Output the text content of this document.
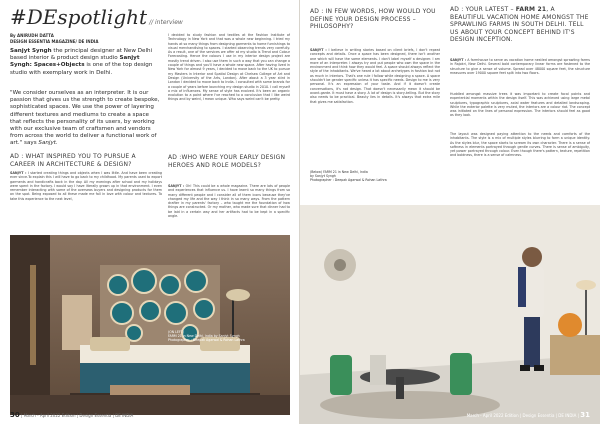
#DEspotlight // interview
By ANIRUDH DATTA
DESIGN ESSENTIA MAGAZINE/ DE INDIA
Sanjyt Syngh the principal designer at New Delhi based interior & product design studio Sanjyt Syngh: Spaces+Objects is one of the top design studio with exemplary work in Delhi.
"We consider ourselves as an interpreter. It is our passion that gives us the strength to create bespoke, sophisticated spaces. We use the power of layering different textures and mediums to create a space that reflects the personality of its users, by working with our exclusive team of craftsmen and vendors from across the world to deliver a functional work of art." says Sanjyt.
AD : WHAT INSPIRED YOU TO PURSUE A CAREER IN ARCHITECTURE & DESIGN?
SANJYT : I started creating things and objects when I was little. And have been creating ever since.To explain this I will have to go back to my childhood. My parents used to export garments and handicrafts back in the day. All my evenings after school and my holidays were spent in the factory. I would say I have literally grown up in that environment. I even remember interacting with some of the overseas buyers and designing products for them on the spot. Being exposed to all these made me fall in love with colour and textures. To take this experience to the next level,
I decided to study fashion and textiles at the Fashion Institute of Technology in New York and that was a whole new beginning. I tried my hands at so many things from designing garments to home furnishings to visual merchandising to spaces. I started observing trends very carefully. As a result, one of the services we offer at my studio is Trend and Colour Forecasting. Hence the colours I use in my interior design project are mostly trend driven. I also use them in such a way that you can change a couple of things and you'll have a whole new space. After having lived in New York for almost 9 years, I decided to move back to the UK to pursue my Masters in Interior and Spatial Design at Chelsea College of Art and Design (University of the Arts, London). After about a 3 year stint in London I decided to move back to India. I consulted with some brands for a couple of years before launching my design studio in 2010. I call myself a mix of influences. My sense of style has evolved. It's been an organic evolution to a point where I've reached to a conclusion that I like weird things and by weird, I mean unique. Who says weird can't be pretty.
AD :WHO WERE YOUR EARLY DESIGN HEROES AND ROLE MODELS?
SANJYT : Oh! This could be a whole magazine. There are lots of people and experiences that influence us. I have learnt so many things from so many different people and I consider all of them icons because they've changed my life and the way I think in so many ways. From the pattern drafter in my parents' factory – who taught me the foundation of how things are constructed. Or my mother, who made sure that dinner had to be laid in a certain way and her artifacts had to be kept in a specific angle.
(ON LEFT)
FARM 21 in New Delhi, India by Sanjyt Syngh
Photographer : Deepak Agarwal & Rohan Lathra
30 | March - April 2022 Edition | Design Essentia | DE INDIA
AD : IN FEW WORDS, HOW WOULD YOU DEFINE YOUR DESIGN PROCESS – PHILOSOPHY?
SANJYT : I believe in writing stories based on client briefs, I don't repeat concepts and details. Once a space has been designed, there isn't another one which will have the same elements. I don't label myself a designer. I am more of an interpreter. I always try and put people who own the space in the environment and think how they would feel. A space should always reflect the style of the inhabitants. We've heard a lot about archetypes in fashion but not as much in interiors. That's one rule I follow while designing a space. A space shouldn't be gender specific unless it has specific needs. Design to me is very personal. It's an expression of your taste. And if it doesn't create conversations, it's not design. That doesn't necessarily mean it should be avant-garde. It must have a story. A lot of design is story-telling. But the story also needs to be practical. Beauty lies in details. It's always that extra mile that gives me satisfaction.
(Below) FARM 21 in New Delhi, India
by Sanjyt Syngh
Photographer : Deepak Agarwal & Rohan Lathra
AD : YOUR LATEST – FARM 21, A BEAUTIFUL VACATION HOME AMONGST THE SPRAWLING FARMS IN SOUTH DELHI. TELL US ABOUT YOUR CONCEPT BEHIND IT'S DESIGN INCEPTION.
SANJYT : A farmhouse to serve as vacation home nestled amongst sprawling farms in Rajokri, New Delhi. Several bold contemporary linear forms are fastened to the structure to give a sense of volume. Spread over 48000 square feet, the structure measures over 19000 square feet split into two floors.
Huddled amongst massive trees it was important to create focal points and experiential moments within the design itself. This was achieved using large metal sculptures, typographic sculptures, axial water features and detailed landscaping. While the exterior palette is very muted, the interiors are a colour riot. The concept was initiated on the lines of personal expression. The interiors should feel as good as they look.
The layout was designed paying attention to the needs and comforts of the inhabitants. The style is a mix of multiple styles blurring to form a unique identity. As the styles blur, the space starts to scream its own character. There is a sense of softness in elements portrayed through gentle curves. There is sense of ambiguity, yet power portrayed through colour. Even though there's pattern, texture, repetition and boldness, there is a sense of calmness.
March - April 2022 Edition | Design Essentia | DE INDIA | 31
